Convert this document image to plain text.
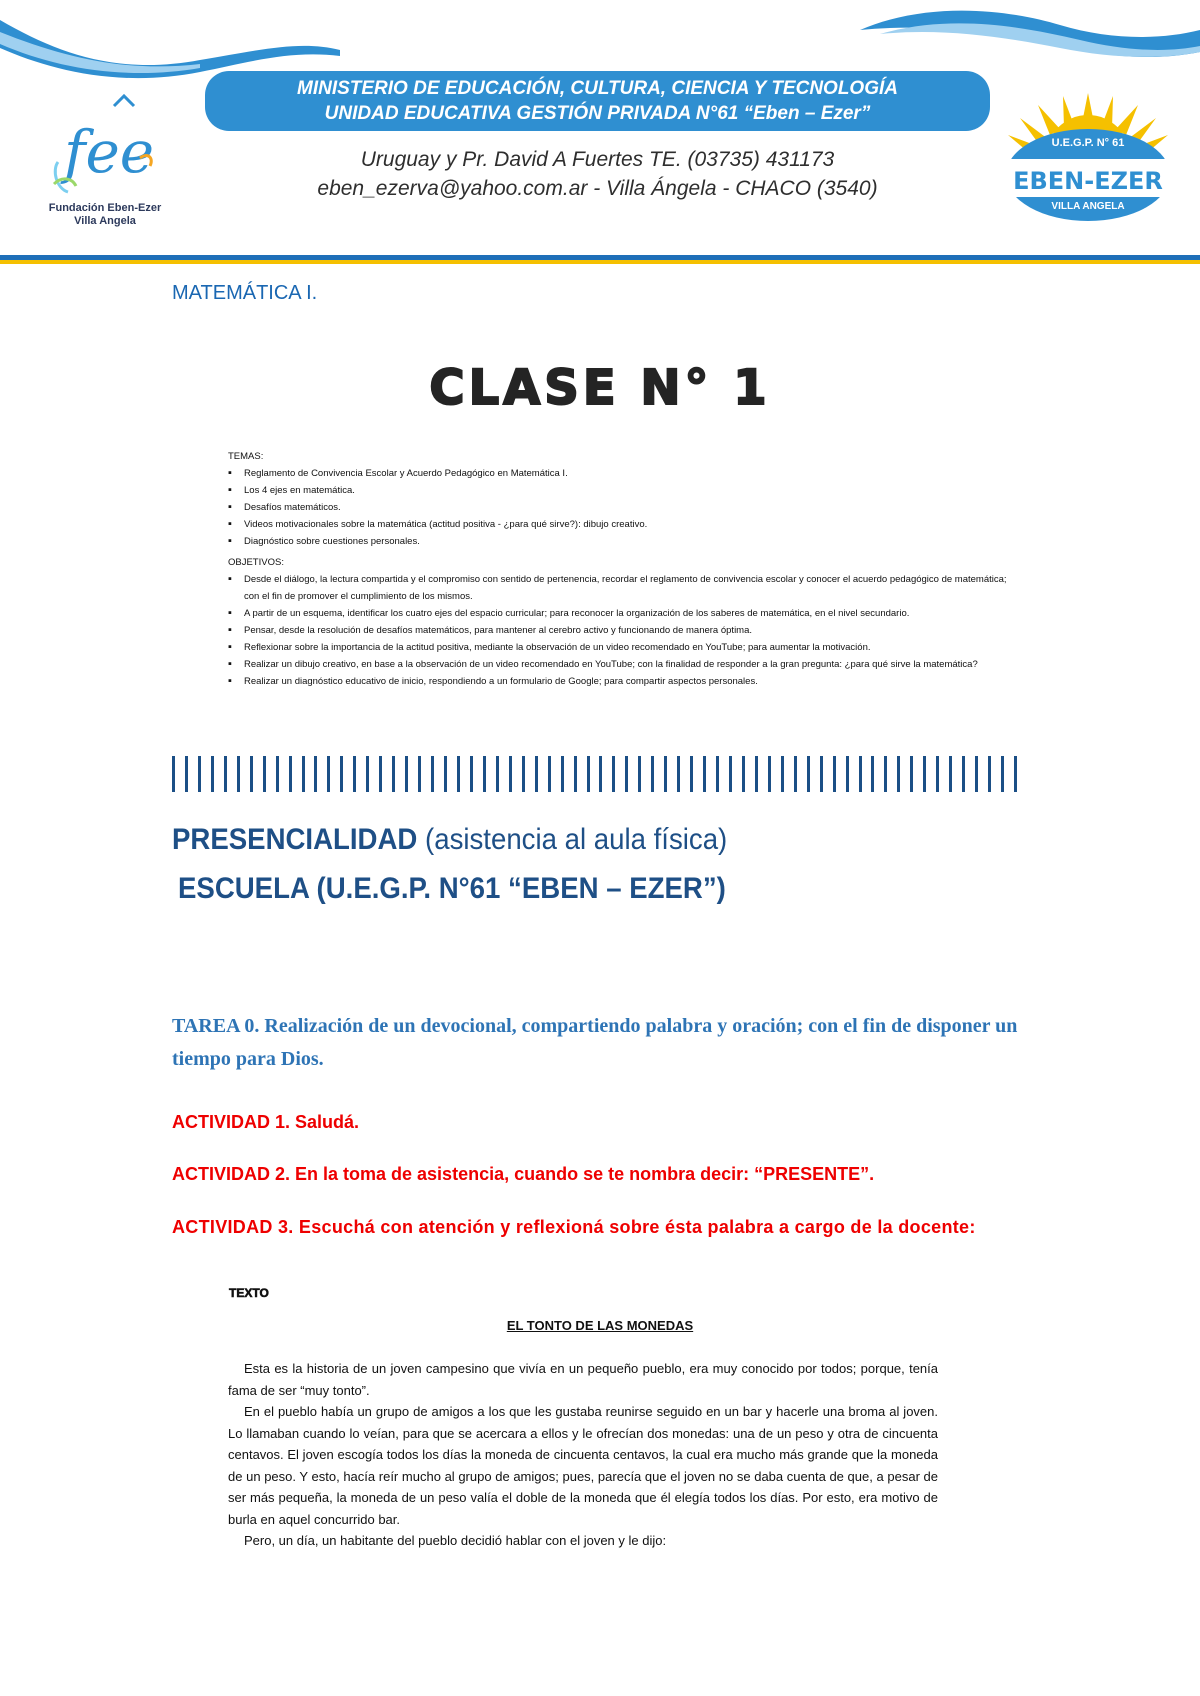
fee
Fundación Eben-Ezer
Villa Angela
MINISTERIO DE EDUCACIÓN, CULTURA, CIENCIA Y TECNOLOGÍA
UNIDAD EDUCATIVA GESTIÓN PRIVADA N°61 “Eben – Ezer”
Uruguay y Pr. David A Fuertes TE. (03735) 431173
eben_ezerva@yahoo.com.ar - Villa Ángela - CHACO (3540)
U.E.G.P. N° 61
EBEN-EZER
VILLA ANGELA
MATEMÁTICA I.
CLASE N° 1
TEMAS:
▪ Reglamento de Convivencia Escolar y Acuerdo Pedagógico en Matemática I.
▪ Los 4 ejes en matemática.
▪ Desafíos matemáticos.
▪ Videos motivacionales sobre la matemática (actitud positiva - ¿para qué sirve?): dibujo creativo.
▪ Diagnóstico sobre cuestiones personales.
OBJETIVOS:
▪ Desde el diálogo, la lectura compartida y el compromiso con sentido de pertenencia, recordar el reglamento de convivencia escolar y conocer el acuerdo pedagógico de matemática; con el fin de promover el cumplimiento de los mismos.
▪ A partir de un esquema, identificar los cuatro ejes del espacio curricular; para reconocer la organización de los saberes de matemática, en el nivel secundario.
▪ Pensar, desde la resolución de desafíos matemáticos, para mantener al cerebro activo y funcionando de manera óptima.
▪ Reflexionar sobre la importancia de la actitud positiva, mediante la observación de un video recomendado en YouTube; para aumentar la motivación.
▪ Realizar un dibujo creativo, en base a la observación de un video recomendado en YouTube; con la finalidad de responder a la gran pregunta: ¿para qué sirve la matemática?
▪ Realizar un diagnóstico educativo de inicio, respondiendo a un formulario de Google; para compartir aspectos personales.
PRESENCIALIDAD (asistencia al aula física)
ESCUELA (U.E.G.P. N°61 “EBEN – EZER”)
TAREA 0. Realización de un devocional, compartiendo palabra y oración; con el fin de disponer un tiempo para Dios.
ACTIVIDAD 1. Saludá.
ACTIVIDAD 2. En la toma de asistencia, cuando se te nombra decir: “PRESENTE”.
ACTIVIDAD 3. Escuchá con atención y reflexioná sobre ésta palabra a cargo de la docente:
TEXTO
EL TONTO DE LAS MONEDAS

Esta es la historia de un joven campesino que vivía en un pequeño pueblo, era muy conocido por todos; porque, tenía fama de ser “muy tonto”.

En el pueblo había un grupo de amigos a los que les gustaba reunirse seguido en un bar y hacerle una broma al joven. Lo llamaban cuando lo veían, para que se acercara a ellos y le ofrecían dos monedas: una de un peso y otra de cincuenta centavos. El joven escogía todos los días la moneda de cincuenta centavos, la cual era mucho más grande que la moneda de un peso. Y esto, hacía reír mucho al grupo de amigos; pues, parecía que el joven no se daba cuenta de que, a pesar de ser más pequeña, la moneda de un peso valía el doble de la moneda que él elegía todos los días. Por esto, era motivo de burla en aquel concurrido bar.

Pero, un día, un habitante del pueblo decidió hablar con el joven y le dijo:
